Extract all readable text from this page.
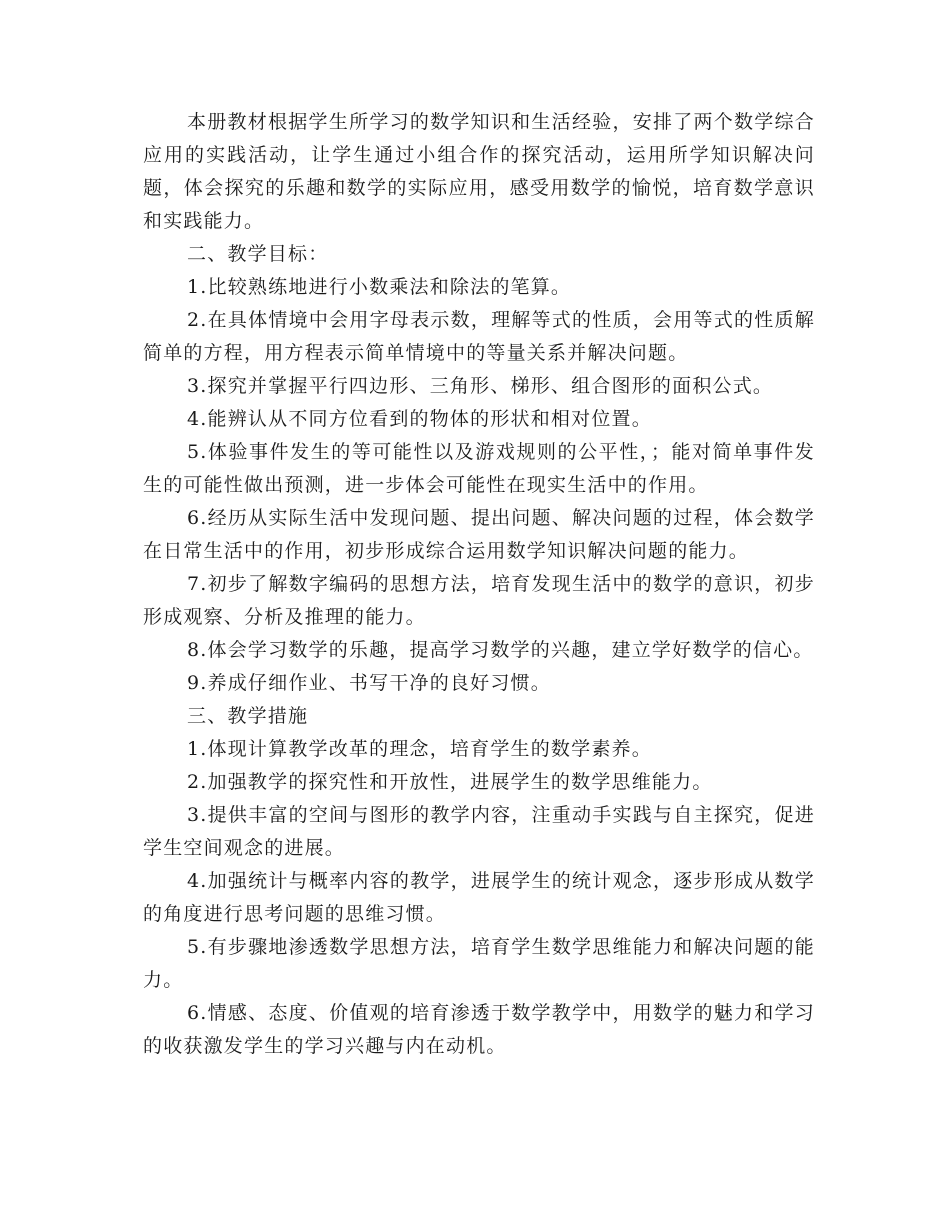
本册教材根据学生所学习的数学知识和生活经验，安排了两个数学综合应用的实践活动，让学生通过小组合作的探究活动，运用所学知识解决问题，体会探究的乐趣和数学的实际应用，感受用数学的愉悦，培育数学意识和实践能力。

二、教学目标：

1.比较熟练地进行小数乘法和除法的笔算。

2.在具体情境中会用字母表示数，理解等式的性质，会用等式的性质解简单的方程，用方程表示简单情境中的等量关系并解决问题。

3.探究并掌握平行四边形、三角形、梯形、组合图形的面积公式。

4.能辨认从不同方位看到的物体的形状和相对位置。

5.体验事件发生的等可能性以及游戏规则的公平性，；能对简单事件发生的可能性做出预测，进一步体会可能性在现实生活中的作用。

6.经历从实际生活中发现问题、提出问题、解决问题的过程，体会数学在日常生活中的作用，初步形成综合运用数学知识解决问题的能力。

7.初步了解数字编码的思想方法，培育发现生活中的数学的意识，初步形成观察、分析及推理的能力。

8.体会学习数学的乐趣，提高学习数学的兴趣，建立学好数学的信心。

9.养成仔细作业、书写干净的良好习惯。

三、教学措施

1.体现计算教学改革的理念，培育学生的数学素养。

2.加强教学的探究性和开放性，进展学生的数学思维能力。

3.提供丰富的空间与图形的教学内容，注重动手实践与自主探究，促进学生空间观念的进展。

4.加强统计与概率内容的教学，进展学生的统计观念，逐步形成从数学的角度进行思考问题的思维习惯。

5.有步骤地渗透数学思想方法，培育学生数学思维能力和解决问题的能力。

6.情感、态度、价值观的培育渗透于数学教学中，用数学的魅力和学习的收获激发学生的学习兴趣与内在动机。
